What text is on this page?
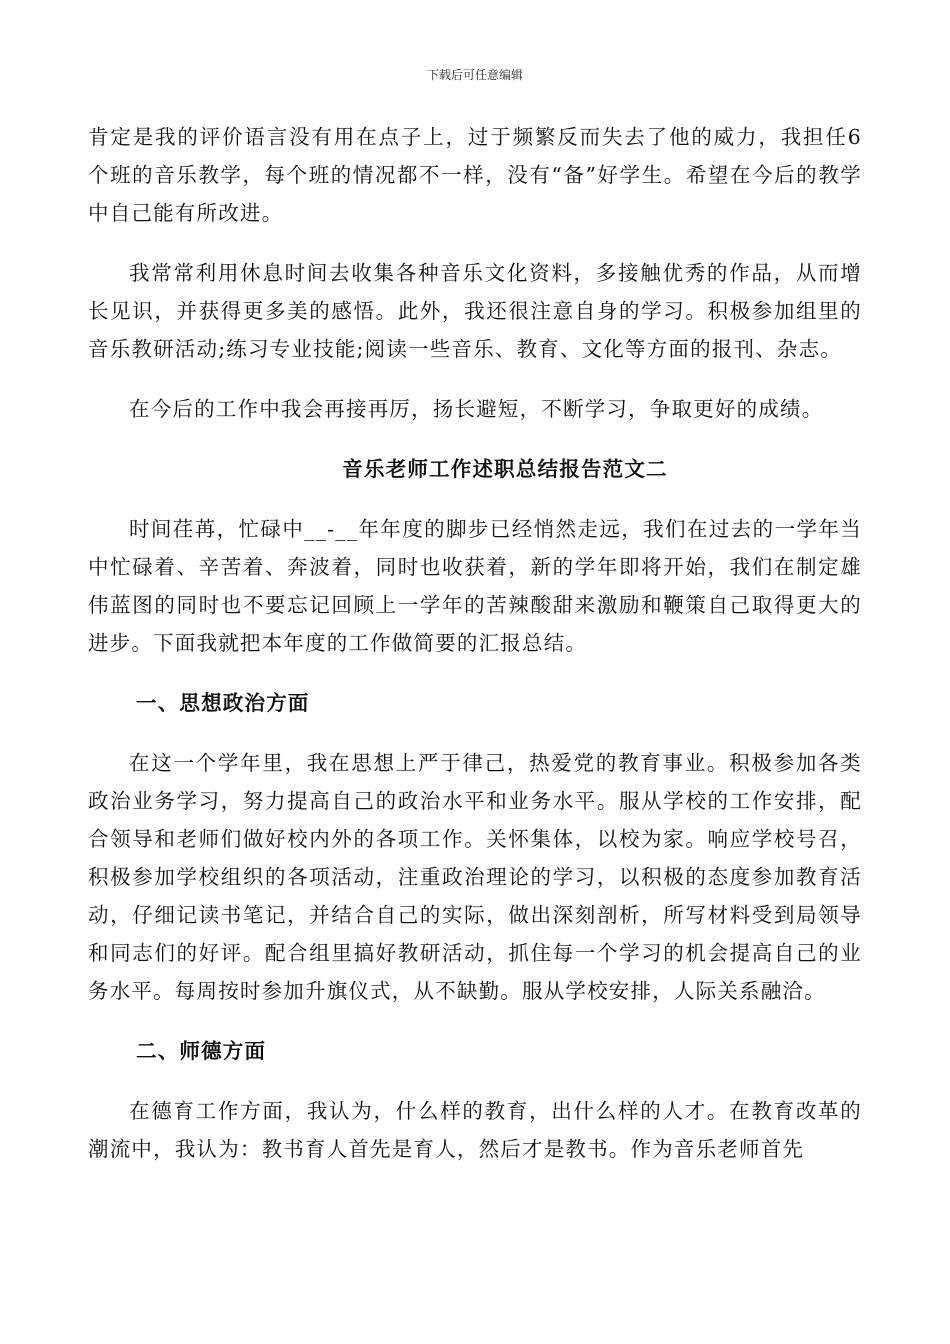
下载后可任意编辑

肯定是我的评价语言没有用在点子上，过于频繁反而失去了他的威力，我担任6 个班的音乐教学，每个班的情况都不一样，没有“备”好学生。希望在今后的教学中自己能有所改进。

我常常利用休息时间去收集各种音乐文化资料，多接触优秀的作品，从而增长见识，并获得更多美的感悟。此外，我还很注意自身的学习。积极参加组里的音乐教研活动;练习专业技能;阅读一些音乐、教育、文化等方面的报刊、杂志。

在今后的工作中我会再接再厉，扬长避短，不断学习，争取更好的成绩。

音乐老师工作述职总结报告范文二

时间荏苒，忙碌中__-__年年度的脚步已经悄然走远，我们在过去的一学年当中忙碌着、辛苦着、奔波着，同时也收获着，新的学年即将开始，我们在制定雄伟蓝图的同时也不要忘记回顾上一学年的苦辣酸甜来激励和鞭策自己取得更大的进步。下面我就把本年度的工作做简要的汇报总结。

一、思想政治方面

在这一个学年里，我在思想上严于律己，热爱党的教育事业。积极参加各类政治业务学习，努力提高自己的政治水平和业务水平。服从学校的工作安排，配合领导和老师们做好校内外的各项工作。关怀集体，以校为家。响应学校号召，积极参加学校组织的各项活动，注重政治理论的学习，以积极的态度参加教育活动，仔细记读书笔记，并结合自己的实际，做出深刻剖析，所写材料受到局领导和同志们的好评。配合组里搞好教研活动，抓住每一个学习的机会提高自己的业务水平。每周按时参加升旗仪式，从不缺勤。服从学校安排，人际关系融洽。

二、师德方面

在德育工作方面，我认为，什么样的教育，出什么样的人才。在教育改革的潮流中，我认为：教书育人首先是育人，然后才是教书。作为音乐老师首先
